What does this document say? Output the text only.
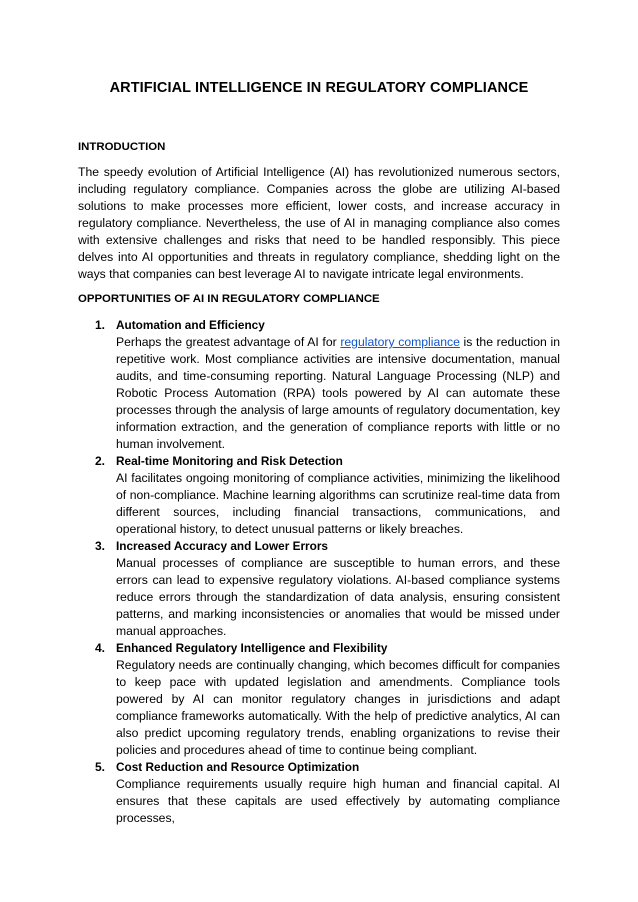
ARTIFICIAL INTELLIGENCE IN REGULATORY COMPLIANCE
INTRODUCTION

The speedy evolution of Artificial Intelligence (AI) has revolutionized numerous sectors, including regulatory compliance. Companies across the globe are utilizing AI-based solutions to make processes more efficient, lower costs, and increase accuracy in regulatory compliance. Nevertheless, the use of AI in managing compliance also comes with extensive challenges and risks that need to be handled responsibly. This piece delves into AI opportunities and threats in regulatory compliance, shedding light on the ways that companies can best leverage AI to navigate intricate legal environments.

OPPORTUNITIES OF AI IN REGULATORY COMPLIANCE
1. Automation and Efficiency

Perhaps the greatest advantage of AI for regulatory compliance is the reduction in repetitive work. Most compliance activities are intensive documentation, manual audits, and time-consuming reporting. Natural Language Processing (NLP) and Robotic Process Automation (RPA) tools powered by AI can automate these processes through the analysis of large amounts of regulatory documentation, key information extraction, and the generation of compliance reports with little or no human involvement.

2. Real-time Monitoring and Risk Detection

AI facilitates ongoing monitoring of compliance activities, minimizing the likelihood of non-compliance. Machine learning algorithms can scrutinize real-time data from different sources, including financial transactions, communications, and operational history, to detect unusual patterns or likely breaches.

3. Increased Accuracy and Lower Errors

Manual processes of compliance are susceptible to human errors, and these errors can lead to expensive regulatory violations. AI-based compliance systems reduce errors through the standardization of data analysis, ensuring consistent patterns, and marking inconsistencies or anomalies that would be missed under manual approaches.

4. Enhanced Regulatory Intelligence and Flexibility

Regulatory needs are continually changing, which becomes difficult for companies to keep pace with updated legislation and amendments. Compliance tools powered by AI can monitor regulatory changes in jurisdictions and adapt compliance frameworks automatically. With the help of predictive analytics, AI can also predict upcoming regulatory trends, enabling organizations to revise their policies and procedures ahead of time to continue being compliant.

5. Cost Reduction and Resource Optimization

Compliance requirements usually require high human and financial capital. AI ensures that these capitals are used effectively by automating compliance processes,
